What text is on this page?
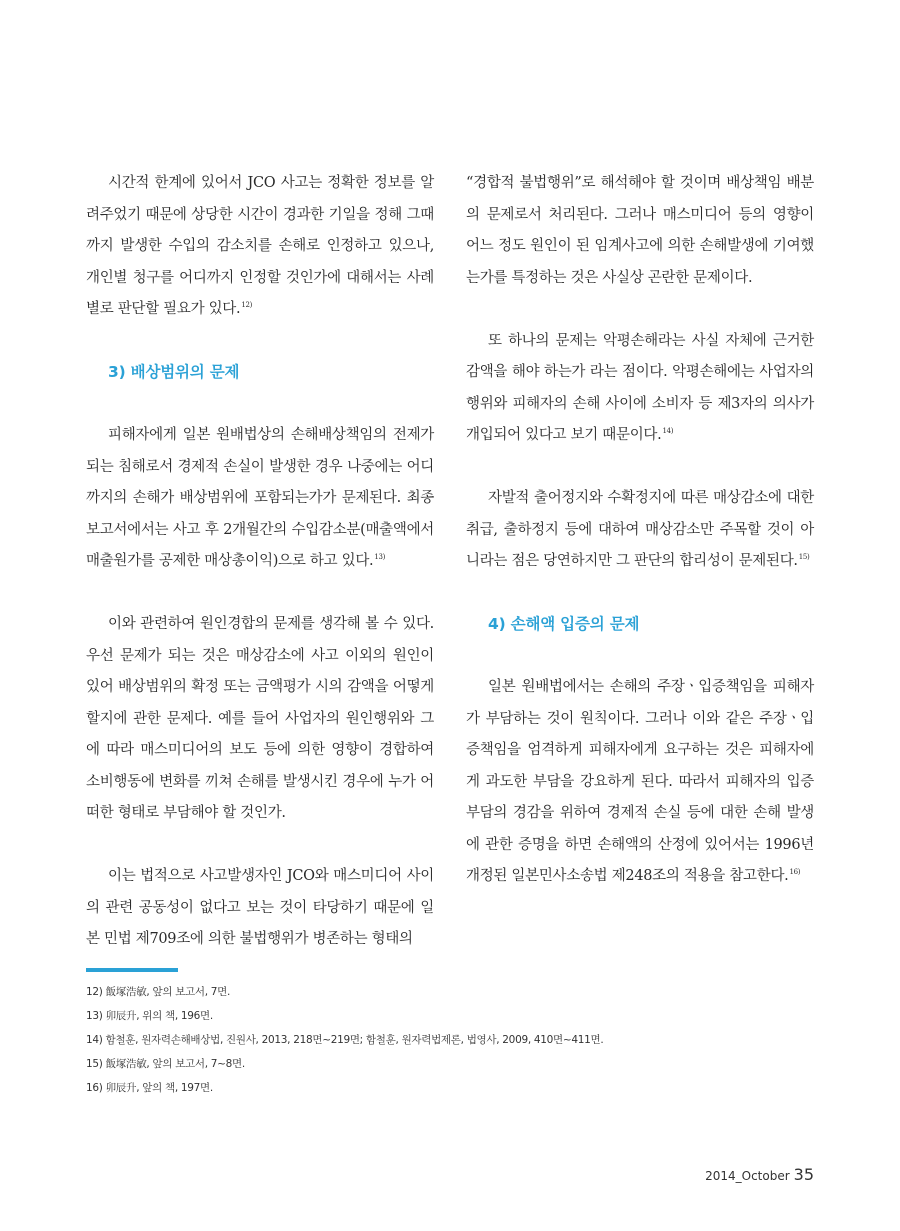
시간적 한계에 있어서 JCO 사고는 정확한 정보를 알려주었기 때문에 상당한 시간이 경과한 기일을 정해 그때까지 발생한 수입의 감소치를 손해로 인정하고 있으나, 개인별 청구를 어디까지 인정할 것인가에 대해서는 사례별로 판단할 필요가 있다.$^{12)}$

3) 배상범위의 문제

피해자에게 일본 원배법상의 손해배상책임의 전제가 되는 침해로서 경제적 손실이 발생한 경우 나중에는 어디까지의 손해가 배상범위에 포함되는가가 문제된다. 최종보고서에서는 사고 후 2개월간의 수입감소분(매출액에서 매출원가를 공제한 매상총이익)으로 하고 있다.$^{13)}$

이와 관련하여 원인경합의 문제를 생각해 볼 수 있다. 우선 문제가 되는 것은 매상감소에 사고 이외의 원인이 있어 배상범위의 확정 또는 금액평가 시의 감액을 어떻게 할지에 관한 문제다. 예를 들어 사업자의 원인행위와 그에 따라 매스미디어의 보도 등에 의한 영향이 경합하여 소비행동에 변화를 끼쳐 손해를 발생시킨 경우에 누가 어떠한 형태로 부담해야 할 것인가.

이는 법적으로 사고발생자인 JCO와 매스미디어 사이의 관련 공동성이 없다고 보는 것이 타당하기 때문에 일본 민법 제709조에 의한 불법행위가 병존하는 형태의

“경합적 불법행위”로 해석해야 할 것이며 배상책임 배분의 문제로서 처리된다. 그러나 매스미디어 등의 영향이 어느 정도 원인이 된 임계사고에 의한 손해발생에 기여했는가를 특정하는 것은 사실상 곤란한 문제이다.

또 하나의 문제는 악평손해라는 사실 자체에 근거한 감액을 해야 하는가 라는 점이다. 악평손해에는 사업자의 행위와 피해자의 손해 사이에 소비자 등 제3자의 의사가 개입되어 있다고 보기 때문이다.$^{14)}$

자발적 출어정지와 수확정지에 따른 매상감소에 대한 취급, 출하정지 등에 대하여 매상감소만 주목할 것이 아니라는 점은 당연하지만 그 판단의 합리성이 문제된다.$^{15)}$

4) 손해액 입증의 문제

일본 원배법에서는 손해의 주장ㆍ입증책임을 피해자가 부담하는 것이 원칙이다. 그러나 이와 같은 주장ㆍ입증책임을 엄격하게 피해자에게 요구하는 것은 피해자에게 과도한 부담을 강요하게 된다. 따라서 피해자의 입증부담의 경감을 위하여 경제적 손실 등에 대한 손해 발생에 관한 증명을 하면 손해액의 산정에 있어서는 1996년 개정된 일본민사소송법 제248조의 적용을 참고한다.$^{16)}$

12) 飯塚浩敏, 앞의 보고서, 7면.

13) 卯辰升, 위의 책, 196면.

14) 함철훈, 원자력손해배상법, 진원사, 2013, 218면~219면; 함철훈, 원자력법제론, 법영사, 2009, 410면~411면.

15) 飯塚浩敏, 앞의 보고서, 7~8면.

16) 卯辰升, 앞의 책, 197면.

2014_October 35
